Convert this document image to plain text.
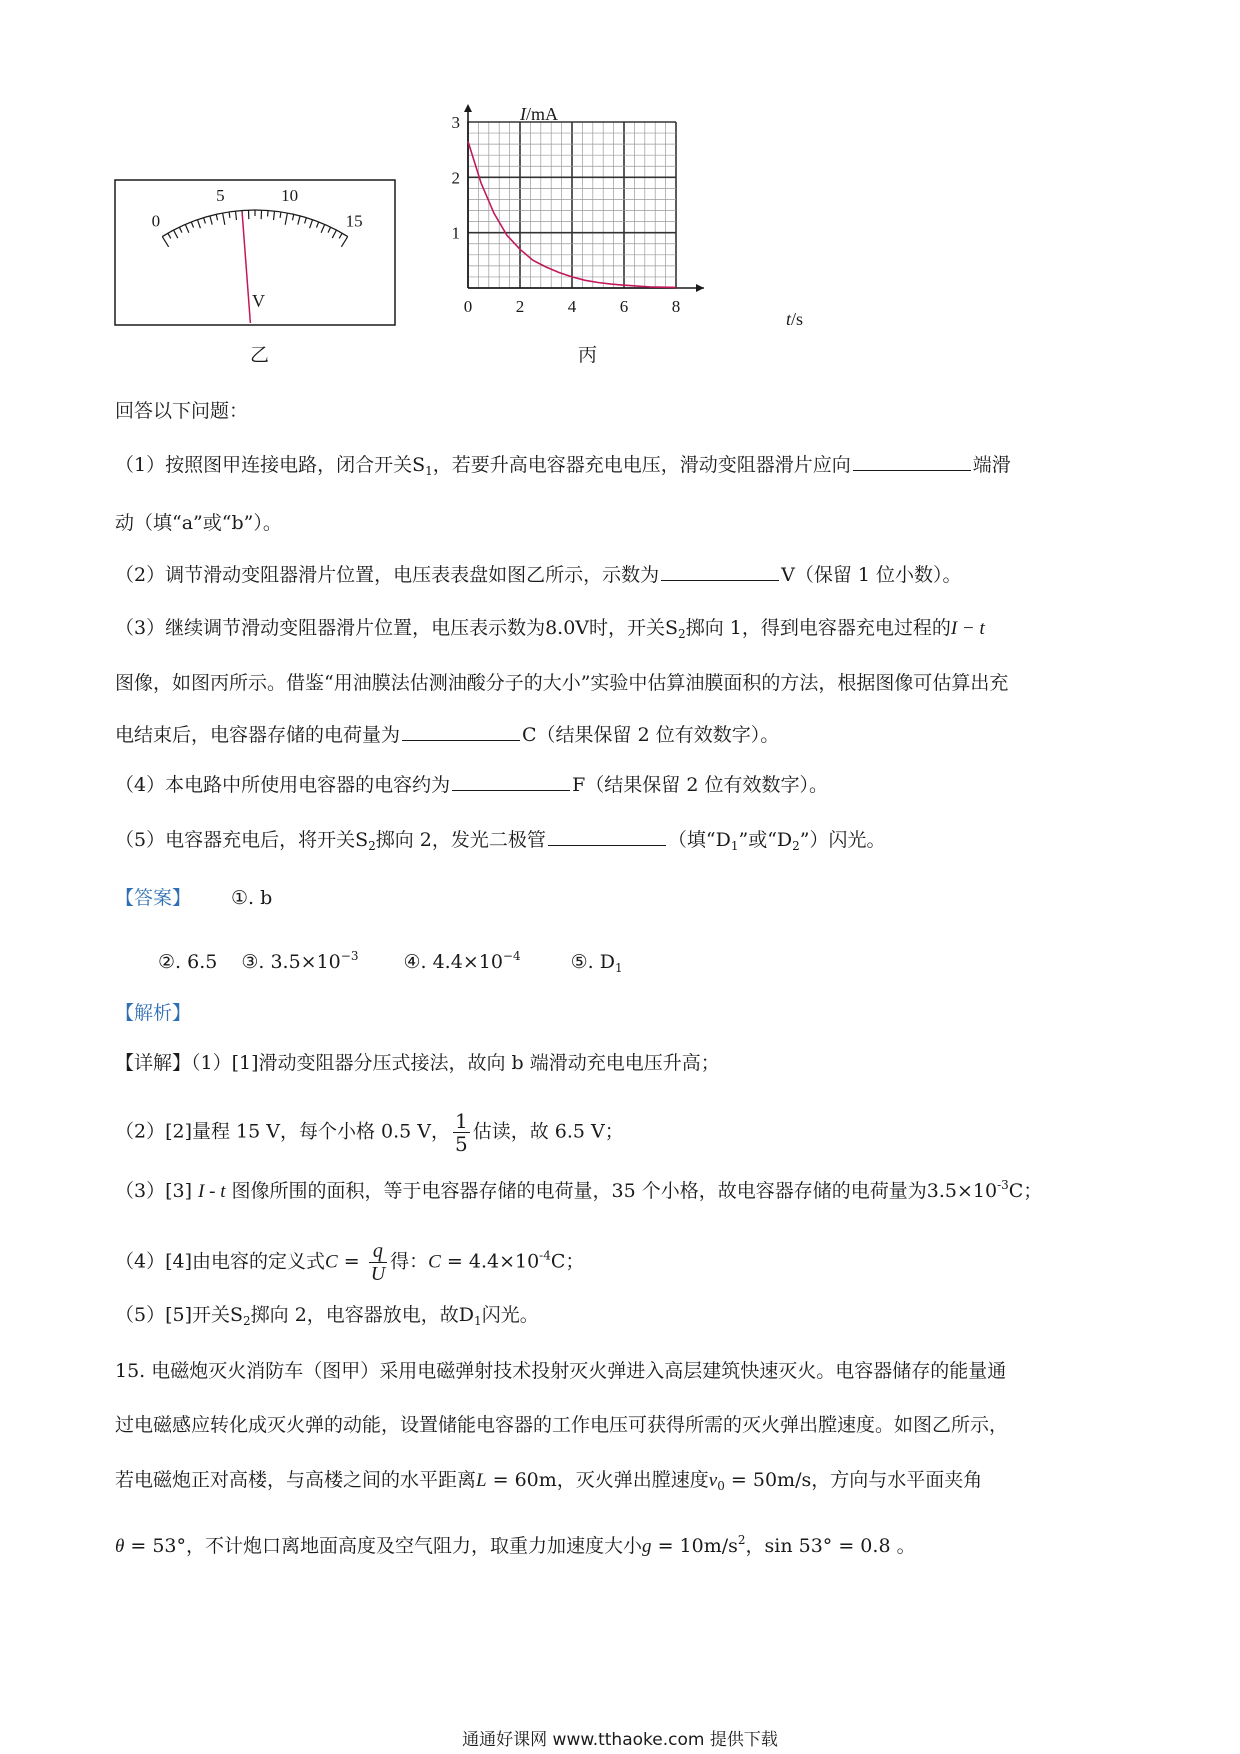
0
5	10
15
V
乙
0	2	4	6	8
1
2
3	I/mA
t/s
丙
回答以下问题：
（1）按照图甲连接电路，闭合开关$S_1$，若要升高电容器充电电压，滑动变阻器滑片应向	端滑
动（填“a”或“b”）。
（2）调节滑动变阻器滑片位置，电压表表盘如图乙所示，示数为	V（保留 1 位小数）。
（3）继续调节滑动变阻器滑片位置，电压表示数为8.0V时，开关$S_2$掷向 1，得到电容器充电过程的I − t
图像，如图丙所示。借鉴“用油膜法估测油酸分子的大小”实验中估算油膜面积的方法，根据图像可估算出充
电结束后，电容器存储的电荷量为	C（结果保留 2 位有效数字）。
（4）本电路中所使用电容器的电容约为	F（结果保留 2 位有效数字）。
（5）电容器充电后，将开关$S_2$掷向 2，发光二极管	（填“$D_1$”或“$D_2$”）闪光。
【答案】 ①. b
②. 6.5 ③. $3.5\times 10^{-3}$ ④. $4.4\times 10^{-4}$	⑤. $D_1$
【解析】
【详解】（1）[1]滑动变阻器分压式接法，故向 b 端滑动充电电压升高；
（2）[2]量程 15 V，每个小格 0.5 V， $\frac{1}{5}$ 估读，故 6.5 V；
（3）[3] I - t 图像所围的面积，等于电容器存储的电荷量，35 个小格，故电容器存储的电荷量为$3.5\times 10^{-3}C$；
（4）[4]由电容的定义式$C = \frac{q}{U}$ 得：$C = 4.4\times 10^{-4}C$；
（5）[5]开关$S_2$掷向 2，电容器放电，故$D_1$闪光。
15. 电磁炮灭火消防车（图甲）采用电磁弹射技术投射灭火弹进入高层建筑快速灭火。电容器储存的能量通
过电磁感应转化成灭火弹的动能，设置储能电容器的工作电压可获得所需的灭火弹出膛速度。如图乙所示，
若电磁炮正对高楼，与高楼之间的水平距离L = 60m，灭火弹出膛速度$v_0 = 50m/s$，方向与水平面夹角
θ = 53°，不计炮口离地面高度及空气阻力，取重力加速度大小$g = 10m/s^2$，sin 53° = 0.8 。
通通好课网 www.tthaoke.com 提供下载
